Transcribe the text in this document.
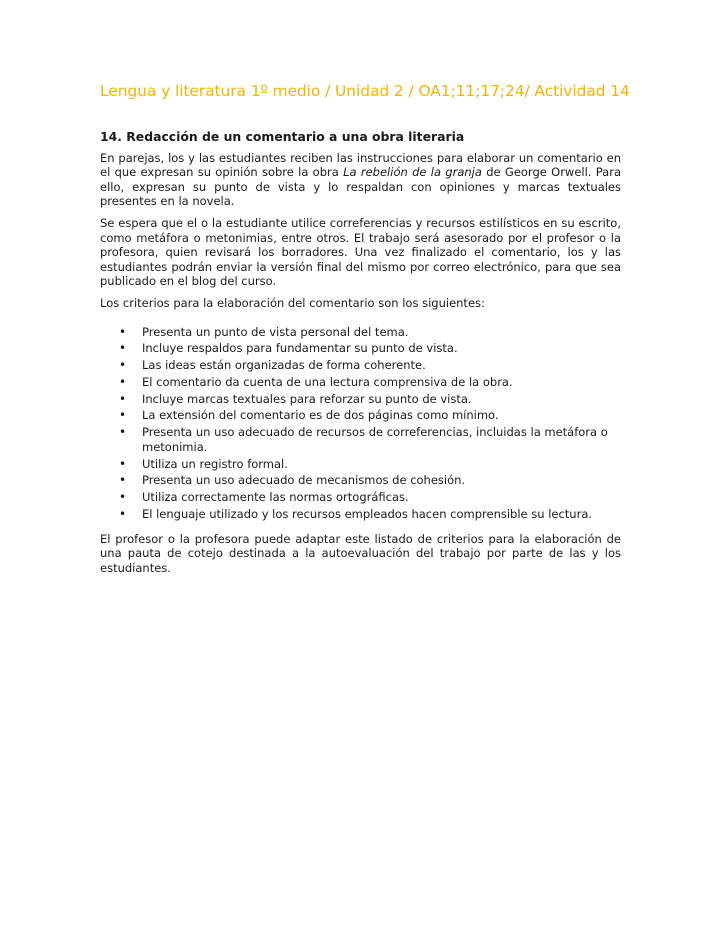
Lengua y literatura 1º medio / Unidad 2 / OA1;11;17;24/ Actividad 14
14. Redacción de un comentario a una obra literaria

En parejas, los y las estudiantes reciben las instrucciones para elaborar un comentario en el que expresan su opinión sobre la obra La rebelión de la granja de George Orwell. Para ello, expresan su punto de vista y lo respaldan con opiniones y marcas textuales presentes en la novela.

Se espera que el o la estudiante utilice correferencias y recursos estilísticos en su escrito, como metáfora o metonimias, entre otros. El trabajo será asesorado por el profesor o la profesora, quien revisará los borradores. Una vez finalizado el comentario, los y las estudiantes podrán enviar la versión final del mismo por correo electrónico, para que sea publicado en el blog del curso.

Los criterios para la elaboración del comentario son los siguientes:

• Presenta un punto de vista personal del tema.
• Incluye respaldos para fundamentar su punto de vista.
• Las ideas están organizadas de forma coherente.
• El comentario da cuenta de una lectura comprensiva de la obra.
• Incluye marcas textuales para reforzar su punto de vista.
• La extensión del comentario es de dos páginas como mínimo.
• Presenta un uso adecuado de recursos de correferencias, incluidas la metáfora o metonimia.
• Utiliza un registro formal.
• Presenta un uso adecuado de mecanismos de cohesión.
• Utiliza correctamente las normas ortográficas.
• El lenguaje utilizado y los recursos empleados hacen comprensible su lectura.

El profesor o la profesora puede adaptar este listado de criterios para la elaboración de una pauta de cotejo destinada a la autoevaluación del trabajo por parte de las y los estudiantes.
